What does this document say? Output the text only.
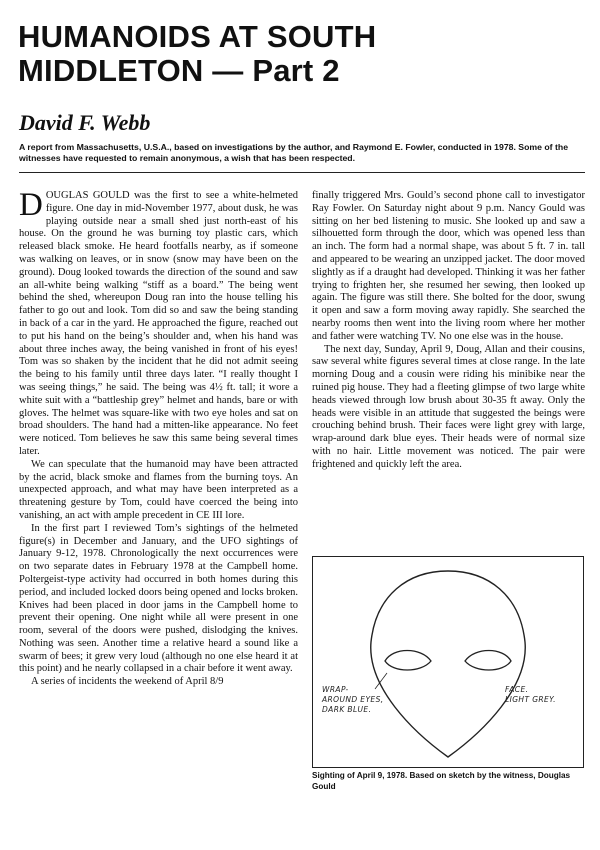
HUMANOIDS AT SOUTH
MIDDLETON — Part 2

David F. Webb

A report from Massachusetts, U.S.A., based on investigations by the author, and Raymond E. Fowler, conducted in 1978. Some of the witnesses have requested to remain anonymous, a wish that has been respected.

DOUGLAS GOULD was the first to see a white-helmeted figure. One day in mid-November 1977, about dusk, he was playing outside near a small shed just north-east of his house. On the ground he was burning toy plastic cars, which released black smoke. He heard footfalls nearby, as if someone was walking on leaves, or in snow (snow may have been on the ground). Doug looked towards the direction of the sound and saw an all-white being walking “stiff as a board.” The being went behind the shed, whereupon Doug ran into the house telling his father to go out and look. Tom did so and saw the being standing in back of a car in the yard. He approached the figure, reached out to put his hand on the being’s shoulder and, when his hand was about three inches away, the being vanished in front of his eyes! Tom was so shaken by the incident that he did not admit seeing the being to his family until three days later. “I really thought I was seeing things,” he said. The being was 4½ ft. tall; it wore a white suit with a “battleship grey” helmet and hands, bare or with gloves. The helmet was square-like with two eye holes and sat on broad shoulders. The hand had a mitten-like appearance. No feet were noticed. Tom believes he saw this same being several times later.

We can speculate that the humanoid may have been attracted by the acrid, black smoke and flames from the burning toys. An unexpected approach, and what may have been interpreted as a threatening gesture by Tom, could have coerced the being into vanishing, an act with ample precedent in CE III lore.

In the first part I reviewed Tom’s sightings of the helmeted figure(s) in December and January, and the UFO sightings of January 9-12, 1978. Chronologically the next occurrences were on two separate dates in February 1978 at the Campbell home. Poltergeist-type activity had occurred in both homes during this period, and included locked doors being opened and locks broken. Knives had been placed in door jams in the Campbell home to prevent their opening. One night while all were present in one room, several of the doors were pushed, dislodging the knives. Nothing was seen. Another time a relative heard a sound like a swarm of bees; it grew very loud (although no one else heard it at this point) and he nearly collapsed in a chair before it went away.

A series of incidents the weekend of April 8/9

finally triggered Mrs. Gould’s second phone call to investigator Ray Fowler. On Saturday night about 9 p.m. Nancy Gould was sitting on her bed listening to music. She looked up and saw a silhouetted form through the door, which was opened less than an inch. The form had a normal shape, was about 5 ft. 7 in. tall and appeared to be wearing an unzipped jacket. The door moved slightly as if a draught had developed. Thinking it was her father trying to frighten her, she resumed her sewing, then looked up again. The figure was still there. She bolted for the door, swung it open and saw a form moving away rapidly. She searched the nearby rooms then went into the living room where her mother and father were watching TV. No one else was in the house.

The next day, Sunday, April 9, Doug, Allan and their cousins, saw several white figures several times at close range. In the late morning Doug and a cousin were riding his minibike near the ruined pig house. They had a fleeting glimpse of two large white heads viewed through low brush about 30-35 ft away. Only the heads were visible in an attitude that suggested the beings were crouching behind brush. Their faces were light grey with large, wrap-around dark blue eyes. Their heads were of normal size with no hair. Little movement was noticed. The pair were frightened and quickly left the area.

WRAP-
AROUND EYES,
DARK BLUE.
FACE.
LIGHT GREY.

Sighting of April 9, 1978. Based on sketch by the witness, Douglas Gould
